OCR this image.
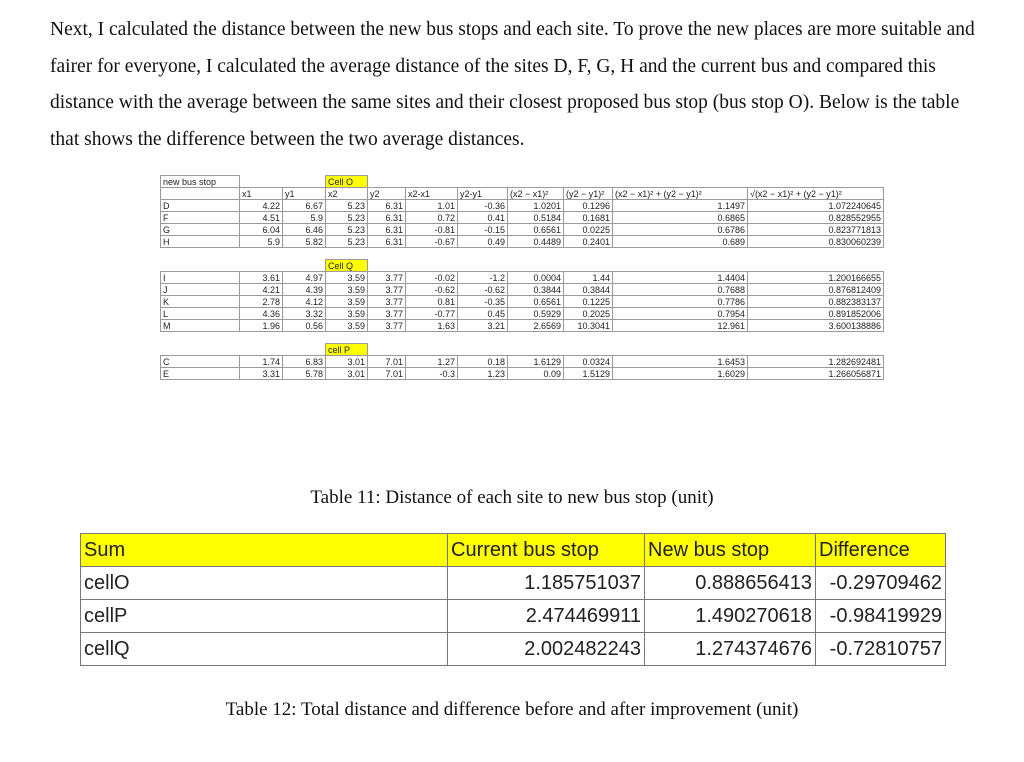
Next, I calculated the distance between the new bus stops and each site. To prove the new places are more suitable and fairer for everyone, I calculated the average distance of the sites D, F, G, H and the current bus and compared this distance with the average between the same sites and their closest proposed bus stop (bus stop O). Below is the table that shows the difference between the two average distances.

new bus stop			Cell O							
	x1	y1	x2	y2	x2-x1	y2-y1	(x2 − x1)²	(y2 − y1)²	(x2 − x1)² + (y2 − y1)²	√(x2 − x1)² + (y2 − y1)²
D	4.22	6.67	5.23	6.31	1.01	-0.36	1.0201	0.1296	1.1497	1.072240645
F	4.51	5.9	5.23	6.31	0.72	0.41	0.5184	0.1681	0.6865	0.828552955
G	6.04	6.46	5.23	6.31	-0.81	-0.15	0.6561	0.0225	0.6786	0.823771813
H	5.9	5.82	5.23	6.31	-0.67	0.49	0.4489	0.2401	0.689	0.830060239

			Cell Q							
I	3.61	4.97	3.59	3.77	-0.02	-1.2	0.0004	1.44	1.4404	1.200166655
J	4.21	4.39	3.59	3.77	-0.62	-0.62	0.3844	0.3844	0.7688	0.876812409
K	2.78	4.12	3.59	3.77	0.81	-0.35	0.6561	0.1225	0.7786	0.882383137
L	4.36	3.32	3.59	3.77	-0.77	0.45	0.5929	0.2025	0.7954	0.891852006
M	1.96	0.56	3.59	3.77	1.63	3.21	2.6569	10.3041	12.961	3.600138886

			cell P							
C	1.74	6.83	3.01	7.01	1.27	0.18	1.6129	0.0324	1.6453	1.282692481
E	3.31	5.78	3.01	7.01	-0.3	1.23	0.09	1.5129	1.6029	1.266056871
Table 11: Distance of each site to new bus stop (unit)
Sum	Current bus stop	New bus stop	Difference
cellO	1.185751037	0.888656413	-0.29709462
cellP	2.474469911	1.490270618	-0.98419929
cellQ	2.002482243	1.274374676	-0.72810757
Table 12: Total distance and difference before and after improvement (unit)
